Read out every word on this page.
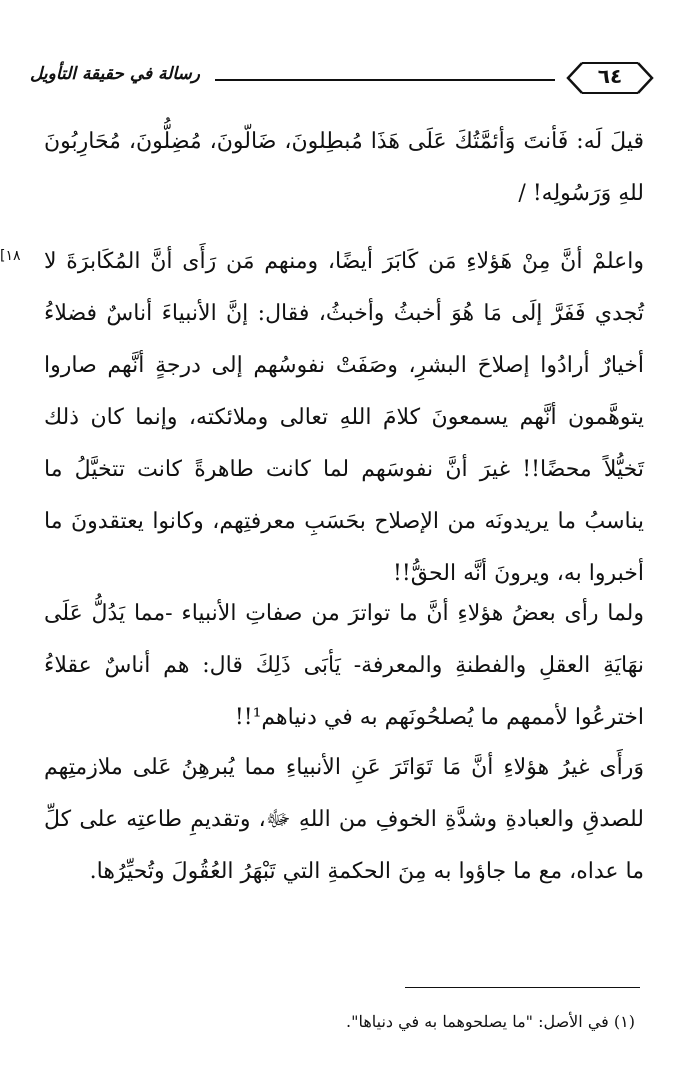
٦٤
رسالة في حقيقة التأويل
[١٨
قيلَ لَه: فَأنتَ وَأئمَّتُكَ عَلَى هَذَا مُبطِلونَ، ضَالّونَ، مُضِلُّونَ، مُحَارِبُونَ للهِ وَرَسُولِه! /
واعلمْ أنَّ مِنْ هَؤلاءِ مَن كَابَرَ أيضًا، ومنهم مَن رَأَى أنَّ المُكَابرَةَ لا تُجدي فَفَرَّ إلَى مَا هُوَ أخبثُ وأخبثُ، فقال: إنَّ الأنبياءَ أناسٌ فضلاءُ أخيارٌ أرادُوا إصلاحَ البشرِ، وصَفَتْ نفوسُهم إلى درجةٍ أنَّهم صاروا يتوهَّمون أنَّهم يسمعونَ كلامَ اللهِ تعالى وملائكته، وإنما كان ذلك تَخيُّلاً محضًا!! غيرَ أنَّ نفوسَهم لما كانت طاهرةً كانت تتخيَّلُ ما يناسبُ ما يريدونَه من الإصلاح بحَسَبِ معرفتِهم، وكانوا يعتقدونَ ما أخبروا به، ويرونَ أنَّه الحقُّ!!
ولما رأى بعضُ هؤلاءِ أنَّ ما تواترَ من صفاتِ الأنبياء -مما يَدُلُّ عَلَى نهَايَةِ العقلِ والفطنةِ والمعرفة- يَأبَى ذَلِكَ قال: هم أناسٌ عقلاءُ اخترعُوا لأممهم ما يُصلحُونَهم به في دنياهم¹!!
وَرأَى غيرُ هؤلاءِ أنَّ مَا تَوَاتَرَ عَنِ الأنبياءِ مما يُبرهِنُ عَلى ملازمتِهم للصدقِ والعبادةِ وشدَّةِ الخوفِ من اللهِ ﷻ، وتقديمِ طاعتِه على كلِّ ما عداه، مع ما جاؤوا به مِنَ الحكمةِ التي تَبْهَرُ العُقُولَ وتُحيِّرُها.
(١) في الأصل: "ما يصلحوهما به في دنياها".
